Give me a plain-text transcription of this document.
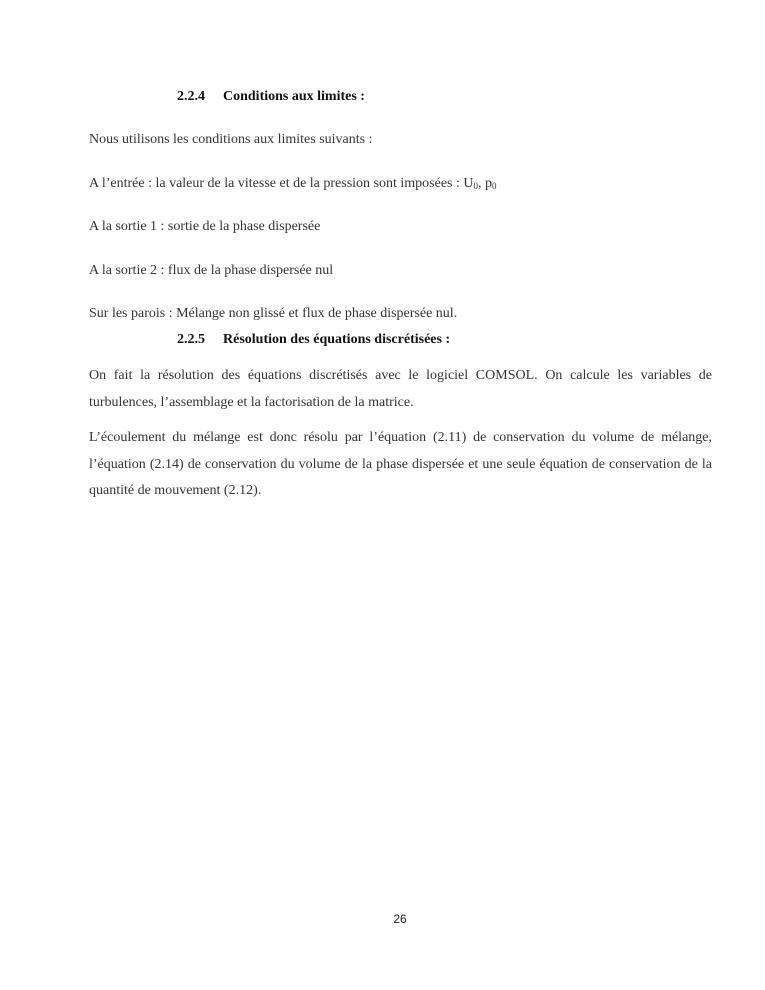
2.2.4 Conditions aux limites :
Nous utilisons les conditions aux limites suivants :
A l’entrée : la valeur de la vitesse et de la pression sont imposées : $U_0$, $p_0$
A la sortie 1 : sortie de la phase dispersée
A la sortie 2 : flux de la phase dispersée nul
Sur les parois : Mélange non glissé et flux de phase dispersée nul.
2.2.5 Résolution des équations discrétisées :
On fait la résolution des équations discrétisés avec le logiciel COMSOL. On calcule les variables de turbulences, l’assemblage et la factorisation de la matrice.
L’écoulement du mélange est donc résolu par l’équation (2.11) de conservation du volume de mélange, l’équation (2.14) de conservation du volume de la phase dispersée et une seule équation de conservation de la quantité de mouvement (2.12).
26
